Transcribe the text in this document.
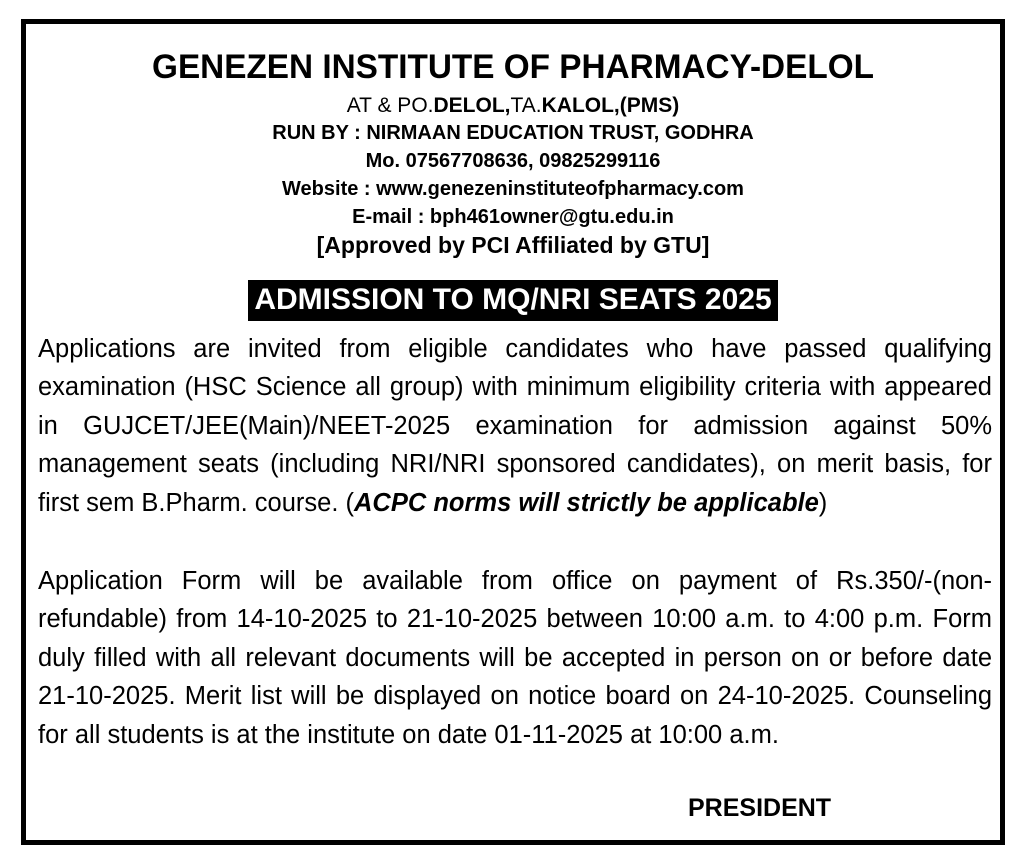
GENEZEN INSTITUTE OF PHARMACY-DELOL
AT & PO.DELOL,TA.KALOL,(PMS)
RUN BY : NIRMAAN EDUCATION TRUST, GODHRA
Mo. 07567708636, 09825299116
Website : www.genezeninstituteofpharmacy.com
E-mail : bph461owner@gtu.edu.in
[Approved by PCI Affiliated by GTU]
ADMISSION TO MQ/NRI SEATS 2025
Applications are invited from eligible candidates who have passed qualifying examination (HSC Science all group) with minimum eligibility criteria with appeared in GUJCET/JEE(Main)/NEET-2025 examination for admission against 50% management seats (including NRI/NRI sponsored candidates), on merit basis, for first sem B.Pharm. course. (ACPC norms will strictly be applicable)
Application Form will be available from office on payment of Rs.350/-(non-refundable) from 14-10-2025 to 21-10-2025 between 10:00 a.m. to 4:00 p.m. Form duly filled with all relevant documents will be accepted in person on or before date 21-10-2025. Merit list will be displayed on notice board on 24-10-2025. Counseling for all students is at the institute on date 01-11-2025 at 10:00 a.m.
PRESIDENT
